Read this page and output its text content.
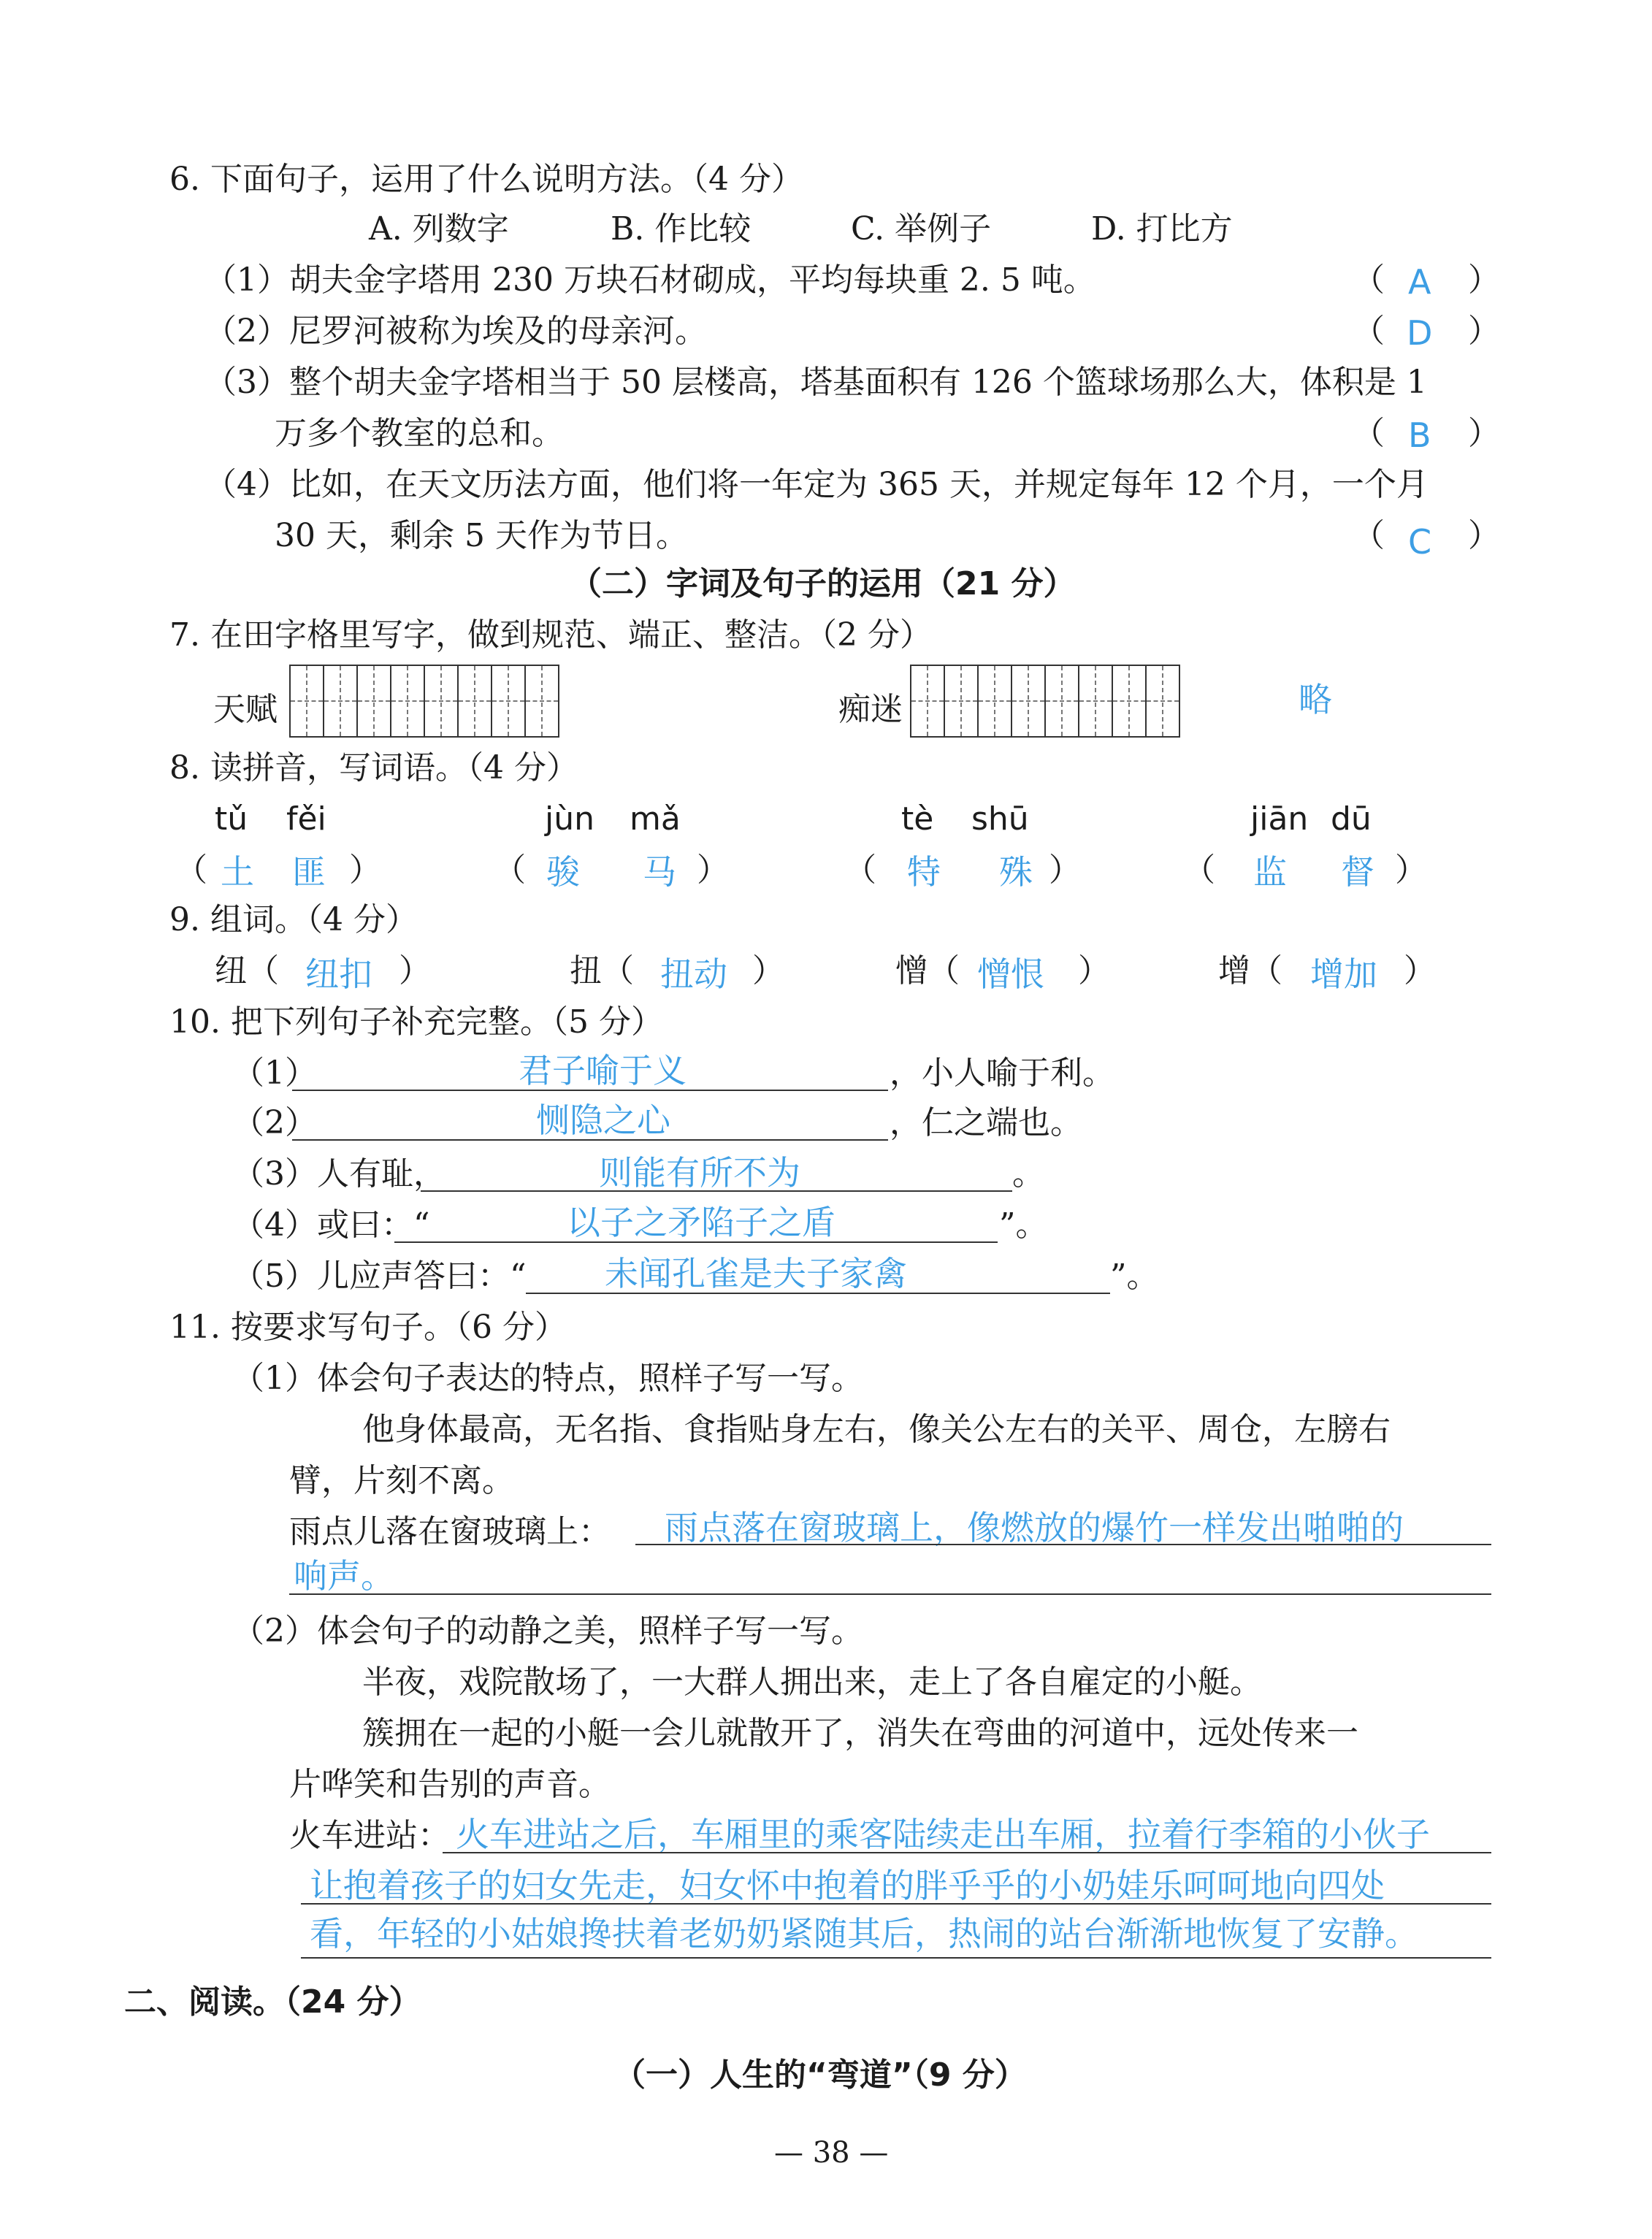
6. 下面句子，运用了什么说明方法。（4 分）
A. 列数字	B. 作比较	C. 举例子	D. 打比方
（1）胡夫金字塔用 230 万块石材砌成，平均每块重 2. 5 吨。	（ A ）
（2）尼罗河被称为埃及的母亲河。	（ D ）
（3）整个胡夫金字塔相当于 50 层楼高，塔基面积有 126 个篮球场那么大，体积是 1
万多个教室的总和。	（ B ）
（4）比如，在天文历法方面，他们将一年定为 365 天，并规定每年 12 个月，一个月
30 天，剩余 5 天作为节日。	（ C ）
（二）字词及句子的运用（21 分）
7. 在田字格里写字，做到规范、端正、整洁。（2 分）
天赋	痴迷	略
8. 读拼音，写词语。（4 分）
tǔ fěi	jùn mǎ	tè shū	jiān dū
（ 土 匪 ）	（ 骏 马 ）	（ 特 殊 ）	（ 监 督 ）
9. 组词。（4 分）
纽（ 纽扣 ）	扭（ 扭动 ）	憎（ 憎恨 ）	增（ 增加 ）
10. 把下列句子补充完整。（5 分）
（1）	君子喻于义	，小人喻于利。
（2）	恻隐之心	，仁之端也。
（3）人有耻，	则能有所不为	。
（4）或曰：“	以子之矛陷子之盾	”。
（5）儿应声答曰：“ 未闻孔雀是夫子家禽	”。
11. 按要求写句子。（6 分）
（1）体会句子表达的特点，照样子写一写。
他身体最高，无名指、食指贴身左右，像关公左右的关平、周仓，左膀右
臂，片刻不离。
雨点儿落在窗玻璃上： 雨点落在窗玻璃上，像燃放的爆竹一样发出啪啪的
响声。
（2）体会句子的动静之美，照样子写一写。
半夜，戏院散场了，一大群人拥出来，走上了各自雇定的小艇。
簇拥在一起的小艇一会儿就散开了，消失在弯曲的河道中，远处传来一
片哗笑和告别的声音。
火车进站： 火车进站之后，车厢里的乘客陆续走出车厢，拉着行李箱的小伙子
让抱着孩子的妇女先走，妇女怀中抱着的胖乎乎的小奶娃乐呵呵地向四处
看，年轻的小姑娘搀扶着老奶奶紧随其后，热闹的站台渐渐地恢复了安静。
二、阅读。（24 分）
（一）人生的“弯道”（9 分）
— 38 —
